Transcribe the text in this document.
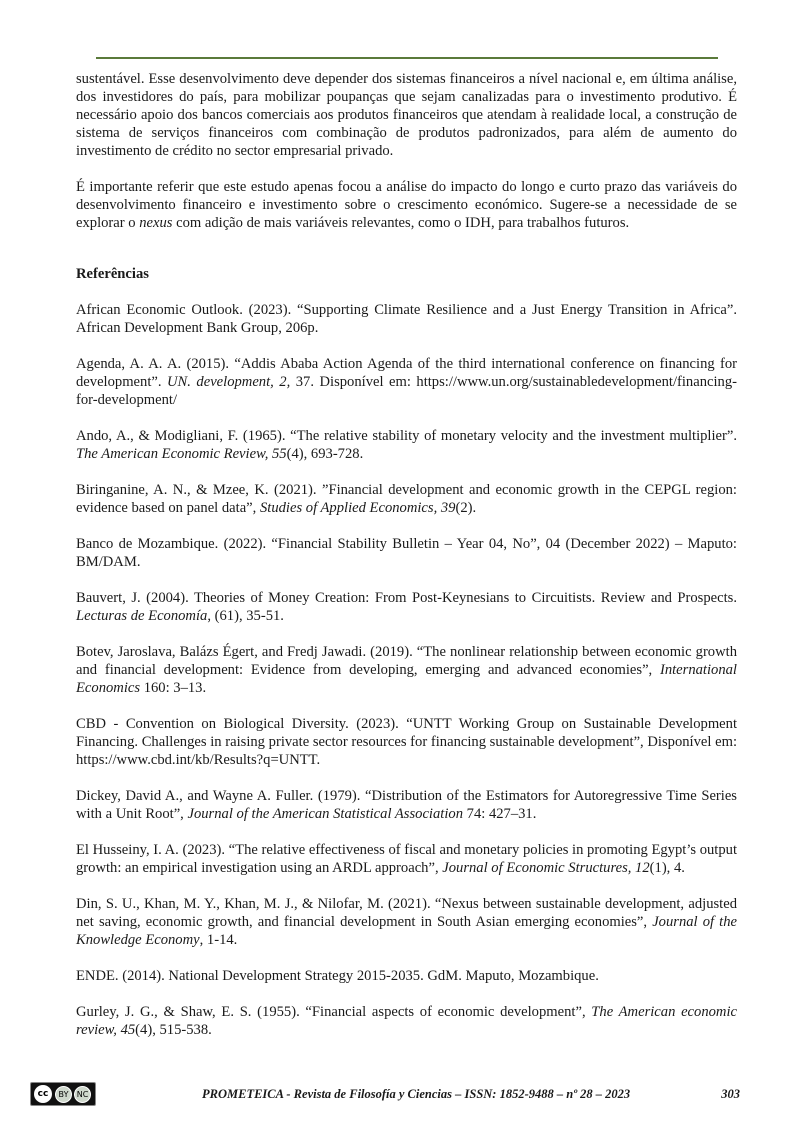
sustentável. Esse desenvolvimento deve depender dos sistemas financeiros a nível nacional e, em última análise, dos investidores do país, para mobilizar poupanças que sejam canalizadas para o investimento produtivo. É necessário apoio dos bancos comerciais aos produtos financeiros que atendam à realidade local, a construção de sistema de serviços financeiros com combinação de produtos padronizados, para além de aumento do investimento de crédito no sector empresarial privado.

É importante referir que este estudo apenas focou a análise do impacto do longo e curto prazo das variáveis do desenvolvimento financeiro e investimento sobre o crescimento económico. Sugere-se a necessidade de se explorar o nexus com adição de mais variáveis relevantes, como o IDH, para trabalhos futuros.

Referências

African Economic Outlook. (2023). “Supporting Climate Resilience and a Just Energy Transition in Africa”. African Development Bank Group, 206p.

Agenda, A. A. A. (2015). “Addis Ababa Action Agenda of the third international conference on financing for development”. UN. development, 2, 37. Disponível em: https://www.un.org/sustainabledevelopment/financing-for-development/

Ando, A., & Modigliani, F. (1965). “The relative stability of monetary velocity and the investment multiplier”. The American Economic Review, 55(4), 693-728.

Biringanine, A. N., & Mzee, K. (2021). ”Financial development and economic growth in the CEPGL region: evidence based on panel data”, Studies of Applied Economics, 39(2).

Banco de Mozambique. (2022). “Financial Stability Bulletin – Year 04, No”, 04 (December 2022) – Maputo: BM/DAM.

Bauvert, J. (2004). Theories of Money Creation: From Post-Keynesians to Circuitists. Review and Prospects. Lecturas de Economía, (61), 35-51.

Botev, Jaroslava, Balázs Égert, and Fredj Jawadi. (2019). “The nonlinear relationship between economic growth and financial development: Evidence from developing, emerging and advanced economies”, International Economics 160: 3–13.

CBD - Convention on Biological Diversity. (2023). “UNTT Working Group on Sustainable Development Financing. Challenges in raising private sector resources for financing sustainable development”, Disponível em: https://www.cbd.int/kb/Results?q=UNTT.

Dickey, David A., and Wayne A. Fuller. (1979). “Distribution of the Estimators for Autoregressive Time Series with a Unit Root”, Journal of the American Statistical Association 74: 427–31.

El Husseiny, I. A. (2023). “The relative effectiveness of fiscal and monetary policies in promoting Egypt’s output growth: an empirical investigation using an ARDL approach”, Journal of Economic Structures, 12(1), 4.

Din, S. U., Khan, M. Y., Khan, M. J., & Nilofar, M. (2021). “Nexus between sustainable development, adjusted net saving, economic growth, and financial development in South Asian emerging economies”, Journal of the Knowledge Economy, 1-14.

ENDE. (2014). National Development Strategy 2015-2035. GdM. Maputo, Mozambique.

Gurley, J. G., & Shaw, E. S. (1955). “Financial aspects of economic development”, The American economic review, 45(4), 515-538.

cc	BY	NC	PROMETEICA - Revista de Filosofía y Ciencias – ISSN: 1852-9488 – nº 28 – 2023	303
